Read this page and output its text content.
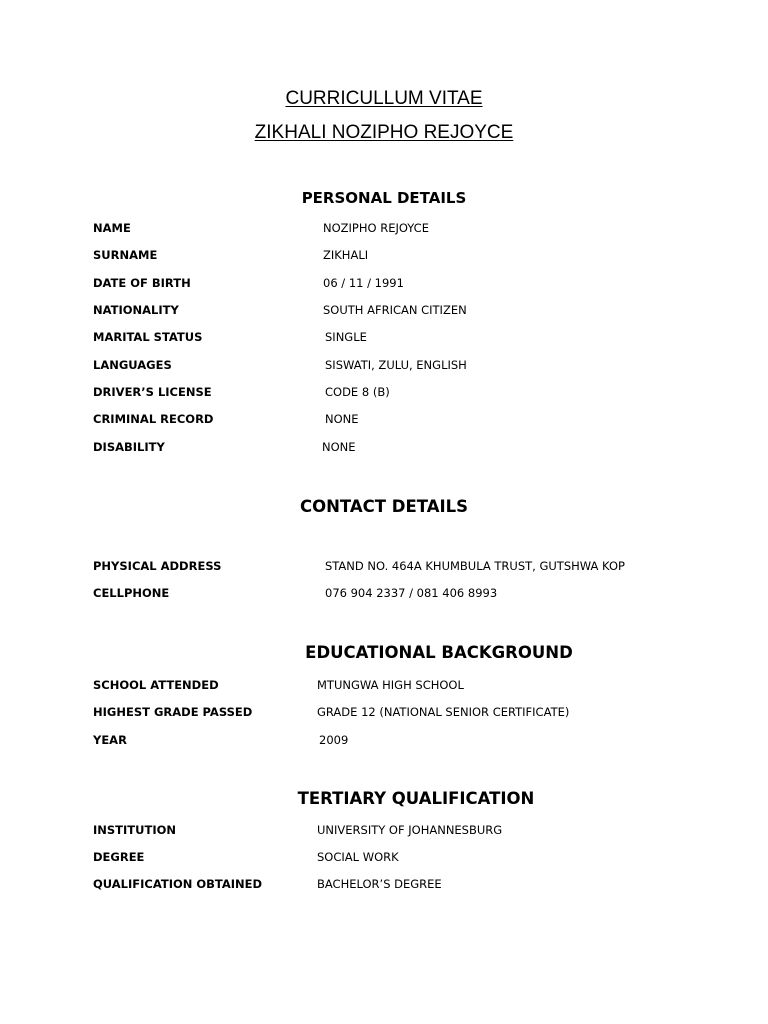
CURRICULLUM VITAE
ZIKHALI NOZIPHO REJOYCE
PERSONAL DETAILS
NAME	NOZIPHO REJOYCE
SURNAME	ZIKHALI
DATE OF BIRTH	06 / 11 / 1991
NATIONALITY	SOUTH AFRICAN CITIZEN
MARITAL STATUS	SINGLE
LANGUAGES	SISWATI, ZULU, ENGLISH
DRIVER’S LICENSE	CODE 8 (B)
CRIMINAL RECORD	NONE
DISABILITY	NONE
CONTACT DETAILS
PHYSICAL ADDRESS	STAND NO. 464A KHUMBULA TRUST, GUTSHWA KOP
CELLPHONE	076 904 2337 / 081 406 8993
EDUCATIONAL BACKGROUND
SCHOOL ATTENDED	MTUNGWA HIGH SCHOOL
HIGHEST GRADE PASSED	GRADE 12 (NATIONAL SENIOR CERTIFICATE)
YEAR	2009
TERTIARY QUALIFICATION
INSTITUTION	UNIVERSITY OF JOHANNESBURG
DEGREE	SOCIAL WORK
QUALIFICATION OBTAINED	BACHELOR’S DEGREE
